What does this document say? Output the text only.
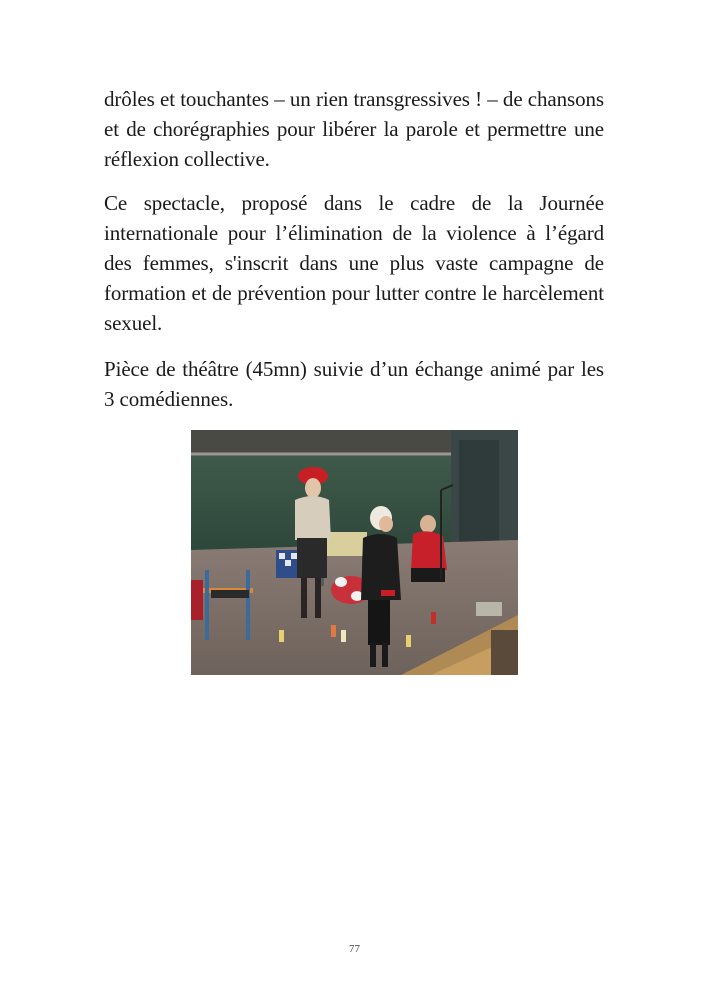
drôles et touchantes – un rien transgressives ! – de chansons et de chorégraphies pour libérer la parole et permettre une réflexion collective.

Ce spectacle, proposé dans le cadre de la Journée internationale pour l’élimination de la violence à l’égard des femmes, s'inscrit dans une plus vaste campagne de formation et de prévention pour lutter contre le harcèlement sexuel.

Pièce de théâtre (45mn) suivie d’un échange animé par les 3 comédiennes.

77
